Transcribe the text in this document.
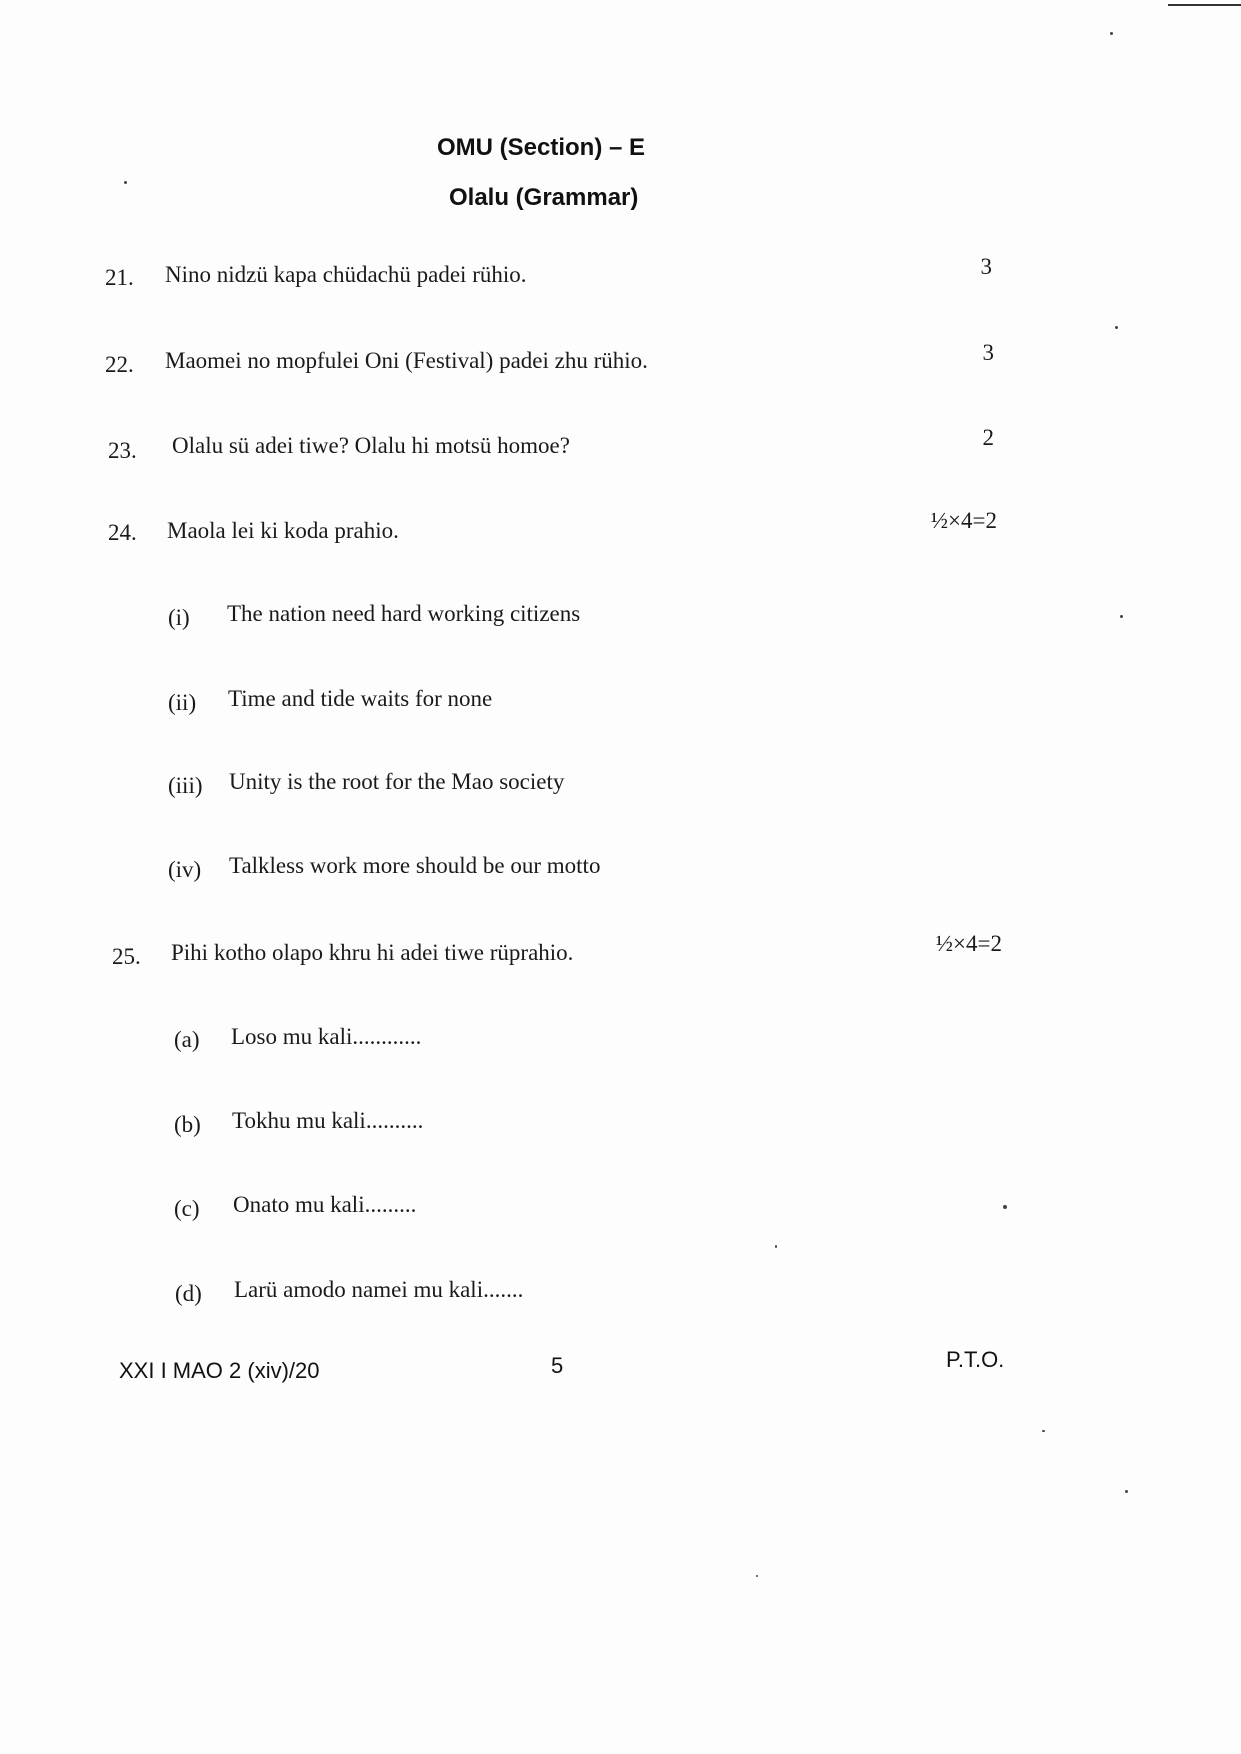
OMU (Section) – E
Olalu (Grammar)
21.	Nino nidzü kapa chüdachü padei rühio.	3
22.	Maomei no mopfulei Oni (Festival) padei zhu rühio.	3
23.	Olalu sü adei tiwe? Olalu hi motsü homoe?	2
24.	Maola lei ki koda prahio.	½×4=2
(i) The nation need hard working citizens
(ii) Time and tide waits for none
(iii) Unity is the root for the Mao society
(iv) Talkless work more should be our motto
25.	Pihi kotho olapo khru hi adei tiwe rüprahio.	½×4=2
(a) Loso mu kali............
(b) Tokhu mu kali..........
(c) Onato mu kali.........
(d) Larü amodo namei mu kali.......
XXI I MAO 2 (xiv)/20	5	P.T.O.
